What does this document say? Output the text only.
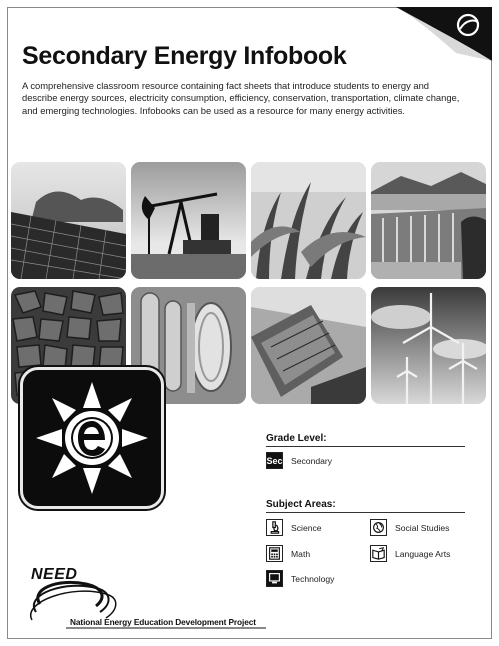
Secondary Energy Infobook
A comprehensive classroom resource containing fact sheets that introduce students to energy and describe energy sources, electricity consumption, efficiency, conservation, transportation, climate change, and emerging technologies. Infobooks can be used as a resource for many energy activities.
Grade Level:
Sec Secondary
Subject Areas:
Science	Social Studies
Math	Language Arts
Technology
NEED
National Energy Education Development Project
